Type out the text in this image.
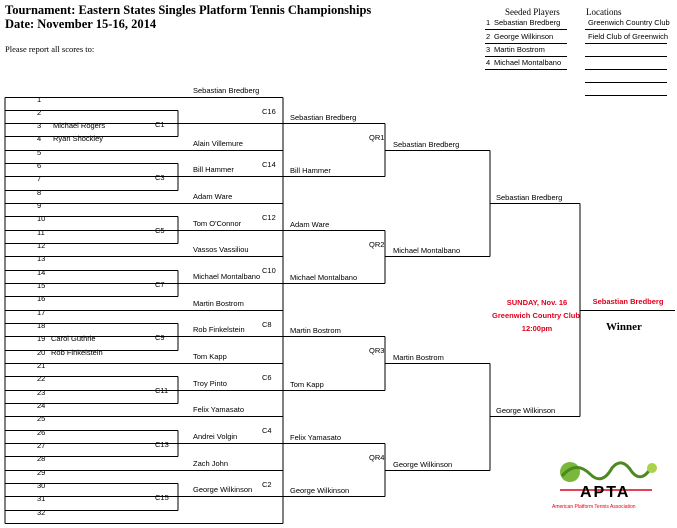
Tournament: Eastern States Singles Platform Tennis Championships
Date: November 15-16, 2014
Please report all scores to:
Seeded Players	Locations
1 Sebastian Bredberg
2 George Wilkinson
3 Martin Bostrom
4 Michael Montalbano
Greenwich Country Club
Field Club of Greenwich
1
2
3 Michael Rogers
4 Ryan Shockley
5
6
7
8
9
10
11
12
13
14
15
16
17
18
19 Carol Guthrie
20 Rob Finkelstein
21
22
23
24
25
26
27
28
29
30
31
32
C1
Sebastian Bredberg
C3
Alain Villemure
Bill Hammer
C5
Adam Ware
Tom O'Connor
C7
Vassos Vassiliou
Michael Montalbano
C9
Martin Bostrom
Rob Finkelstein
C11
Tom Kapp
Troy Pinto
C13
Felix Yamasato
Andrei Volgin
C15
Zach John
George Wilkinson
C16
Sebastian Bredberg
C14
Bill Hammer
C12
Adam Ware
C10
Michael Montalbano
C8
Martin Bostrom
C6
Tom Kapp
C4
Felix Yamasato
C2
George Wilkinson
QR1
Sebastian Bredberg
QR2
Michael Montalbano
QR3
Martin Bostrom
QR4
George Wilkinson
Sebastian Bredberg
George Wilkinson
SUNDAY, Nov. 16
Greenwich Country Club
12:00pm
Sebastian Bredberg
Winner
APTA
American Platform Tennis Association
